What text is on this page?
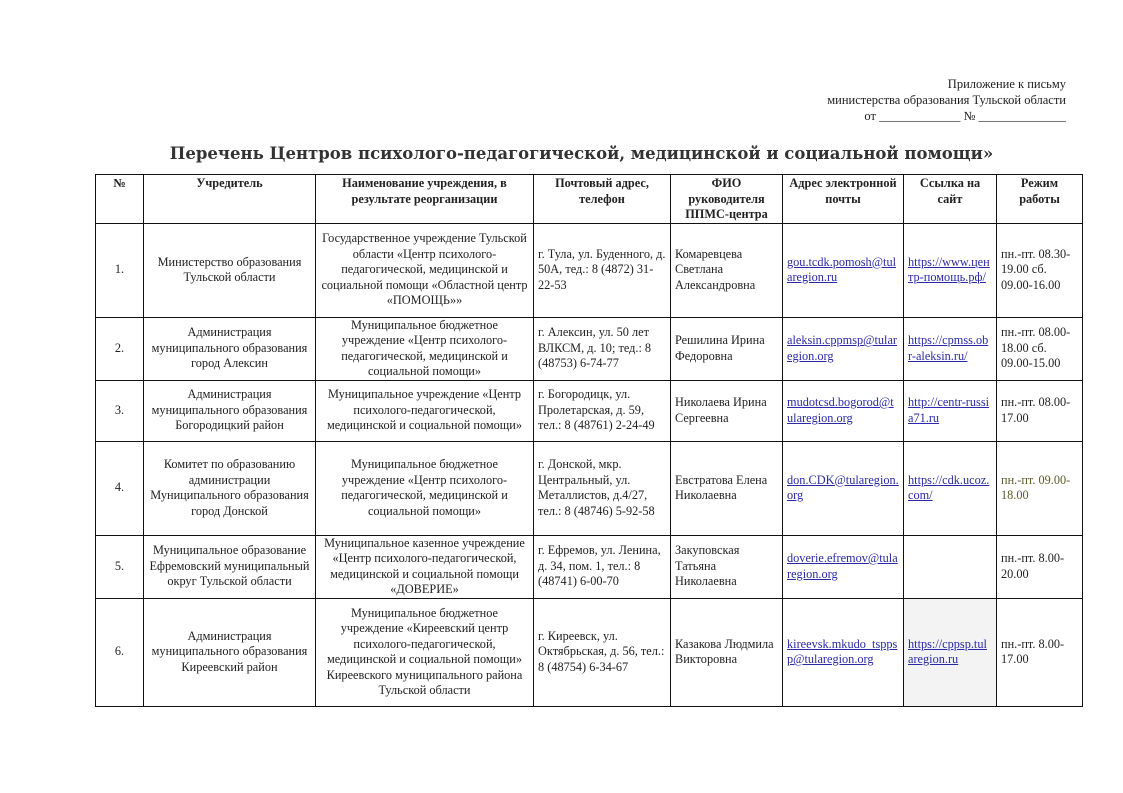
Приложение к письму
министерства образования Тульской области
от _____________ № ______________
Перечень Центров психолого-педагогической, медицинской и социальной помощи»
№	Учредитель	Наименование учреждения, в результате реорганизации	Почтовый адрес, телефон	ФИО руководителя ППМС-центра	Адрес электронной почты	Ссылка на сайт	Режим работы
1.	Министерство образования Тульской области	Государственное учреждение Тульской области «Центр психолого-педагогической, медицинской и социальной помощи «Областной центр «ПОМОЩЬ»»	г. Тула, ул. Буденного, д. 50А, тед.: 8 (4872) 31-22-53	Комаревцева Светлана Александровна	gou.tcdk.pomosh@tularegion.ru	https://www.центр-помощь.рф/	пн.-пт. 08.30-19.00 сб. 09.00-16.00
2.	Администрация муниципального образования город Алексин	Муниципальное бюджетное учреждение «Центр психолого-педагогической, медицинской и социальной помощи»	г. Алексин, ул. 50 лет ВЛКСМ, д. 10; тед.: 8 (48753) 6-74-77	Решилина Ирина Федоровна	aleksin.cppmsp@tularegion.org	https://cpmss.obr-aleksin.ru/	пн.-пт. 08.00-18.00 сб. 09.00-15.00
3.	Администрация муниципального образования Богородицкий район	Муниципальное учреждение «Центр психолого-педагогической, медицинской и социальной помощи»	г. Богородицк, ул. Пролетарская, д. 59, тел.: 8 (48761) 2-24-49	Николаева Ирина Сергеевна	mudotcsd.bogorod@tularegion.org	http://centr-russia71.ru	пн.-пт. 08.00-17.00
4.	Комитет по образованию администрации Муниципального образования город Донской	Муниципальное бюджетное учреждение «Центр психолого-педагогической, медицинской и социальной помощи»	г. Донской, мкр. Центральный, ул. Металлистов, д.4/27, тел.: 8 (48746) 5-92-58	Евстратова Елена Николаевна	don.CDK@tularegion.org	https://cdk.ucoz.com/	пн.-пт. 09.00-18.00
5.	Муниципальное образование Ефремовский муниципальный округ Тульской области	Муниципальное казенное учреждение «Центр психолого-педагогической, медицинской и социальной помощи «ДОВЕРИЕ»	г. Ефремов, ул. Ленина, д. 34, пом. 1, тел.: 8 (48741) 6-00-70	Закуповская Татьяна Николаевна	doverie.efremov@tularegion.org		пн.-пт. 8.00-20.00
6.	Администрация муниципального образования Киреевский район	Муниципальное бюджетное учреждение «Киреевский центр психолого-педагогической, медицинской и социальной помощи» Киреевского муниципального района Тульской области	г. Киреевск, ул. Октябрьская, д. 56, тел.: 8 (48754) 6-34-67	Казакова Людмила Викторовна	kireevsk.mkudo_tsppsp@tularegion.org	https://cppsp.tularegion.ru	пн.-пт. 8.00-17.00
